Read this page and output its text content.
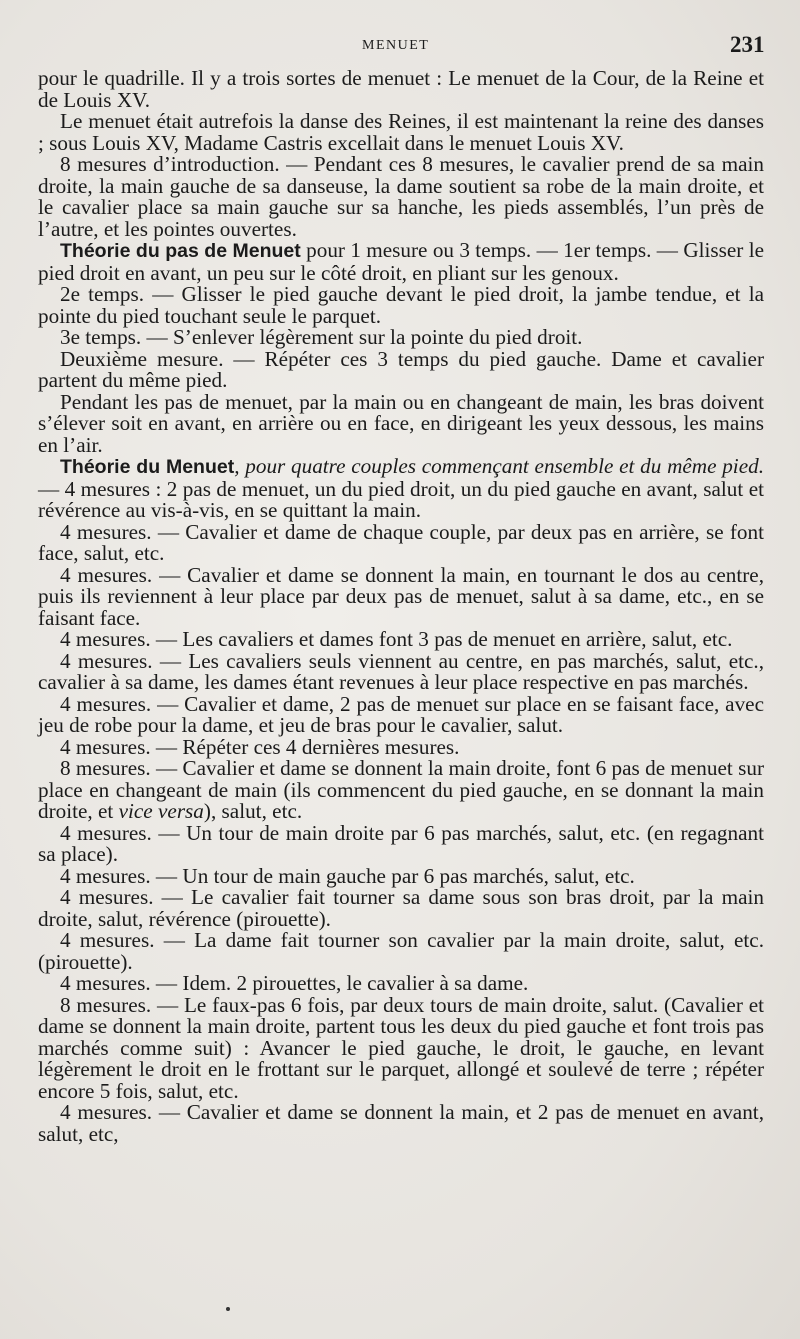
MENUET	231

pour le quadrille. Il y a trois sortes de menuet : Le menuet de la Cour, de la Reine et de Louis XV.

Le menuet était autrefois la danse des Reines, il est maintenant la reine des danses ; sous Louis XV, Madame Castris excellait dans le menuet Louis XV.

8 mesures d’introduction. — Pendant ces 8 mesures, le cavalier prend de sa main droite, la main gauche de sa danseuse, la dame soutient sa robe de la main droite, et le cavalier place sa main gauche sur sa hanche, les pieds assemblés, l’un près de l’autre, et les pointes ouvertes.

Théorie du pas de Menuet pour 1 mesure ou 3 temps. — 1er temps. — Glisser le pied droit en avant, un peu sur le côté droit, en pliant sur les genoux.

2e temps. — Glisser le pied gauche devant le pied droit, la jambe tendue, et la pointe du pied touchant seule le parquet.

3e temps. — S’enlever légèrement sur la pointe du pied droit.

Deuxième mesure. — Répéter ces 3 temps du pied gauche. Dame et cavalier partent du même pied.

Pendant les pas de menuet, par la main ou en changeant de main, les bras doivent s’élever soit en avant, en arrière ou en face, en dirigeant les yeux dessous, les mains en l’air.

Théorie du Menuet, pour quatre couples commençant ensemble et du même pied. — 4 mesures : 2 pas de menuet, un du pied droit, un du pied gauche en avant, salut et révérence au vis-à-vis, en se quittant la main.

4 mesures. — Cavalier et dame de chaque couple, par deux pas en arrière, se font face, salut, etc.

4 mesures. — Cavalier et dame se donnent la main, en tournant le dos au centre, puis ils reviennent à leur place par deux pas de menuet, salut à sa dame, etc., en se faisant face.

4 mesures. — Les cavaliers et dames font 3 pas de menuet en arrière, salut, etc.

4 mesures. — Les cavaliers seuls viennent au centre, en pas marchés, salut, etc., cavalier à sa dame, les dames étant revenues à leur place respective en pas marchés.

4 mesures. — Cavalier et dame, 2 pas de menuet sur place en se faisant face, avec jeu de robe pour la dame, et jeu de bras pour le cavalier, salut.

4 mesures. — Répéter ces 4 dernières mesures.

8 mesures. — Cavalier et dame se donnent la main droite, font 6 pas de menuet sur place en changeant de main (ils commencent du pied gauche, en se donnant la main droite, et vice versa), salut, etc.

4 mesures. — Un tour de main droite par 6 pas marchés, salut, etc. (en regagnant sa place).

4 mesures. — Un tour de main gauche par 6 pas marchés, salut, etc.

4 mesures. — Le cavalier fait tourner sa dame sous son bras droit, par la main droite, salut, révérence (pirouette).

4 mesures. — La dame fait tourner son cavalier par la main droite, salut, etc. (pirouette).

4 mesures. — Idem. 2 pirouettes, le cavalier à sa dame.

8 mesures. — Le faux-pas 6 fois, par deux tours de main droite, salut. (Cavalier et dame se donnent la main droite, partent tous les deux du pied gauche et font trois pas marchés comme suit) : Avancer le pied gauche, le droit, le gauche, en levant légèrement le droit en le frottant sur le parquet, allongé et soulevé de terre ; répéter encore 5 fois, salut, etc.

4 mesures. — Cavalier et dame se donnent la main, et 2 pas de menuet en avant, salut, etc,
